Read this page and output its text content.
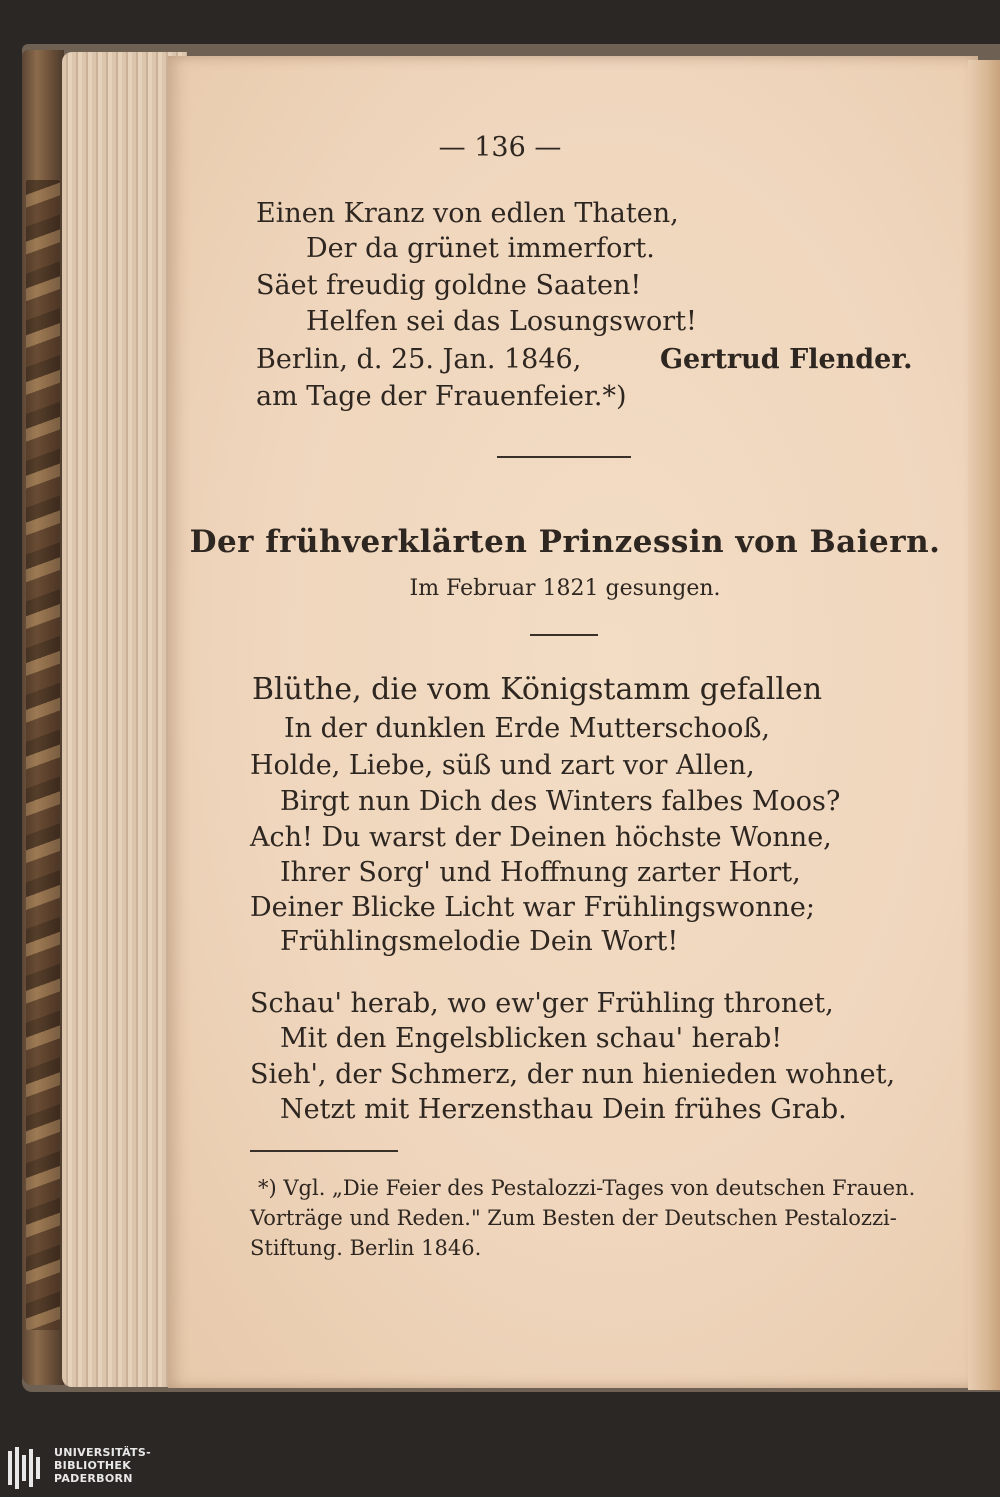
— 136 —
Einen Kranz von edlen Thaten,
Der da grünet immerfort.
Säet freudig goldne Saaten!
Helfen sei das Losungswort!
Berlin, d. 25. Jan. 1846,	Gertrud Flender.
am Tage der Frauenfeier.*)
Der frühverklärten Prinzessin von Baiern.
Im Februar 1821 gesungen.
Blüthe, die vom Königstamm gefallen
In der dunklen Erde Mutterschooß,
Holde, Liebe, süß und zart vor Allen,
Birgt nun Dich des Winters falbes Moos?
Ach! Du warst der Deinen höchste Wonne,
Ihrer Sorg' und Hoffnung zarter Hort,
Deiner Blicke Licht war Frühlingswonne;
Frühlingsmelodie Dein Wort!
Schau' herab, wo ew'ger Frühling thronet,
Mit den Engelsblicken schau' herab!
Sieh', der Schmerz, der nun hienieden wohnet,
Netzt mit Herzensthau Dein frühes Grab.
*) Vgl. „Die Feier des Pestalozzi-Tages von deutschen Frauen.
Vorträge und Reden." Zum Besten der Deutschen Pestalozzi-
Stiftung. Berlin 1846.
UNIVERSITÄTS-
BIBLIOTHEK
PADERBORN
